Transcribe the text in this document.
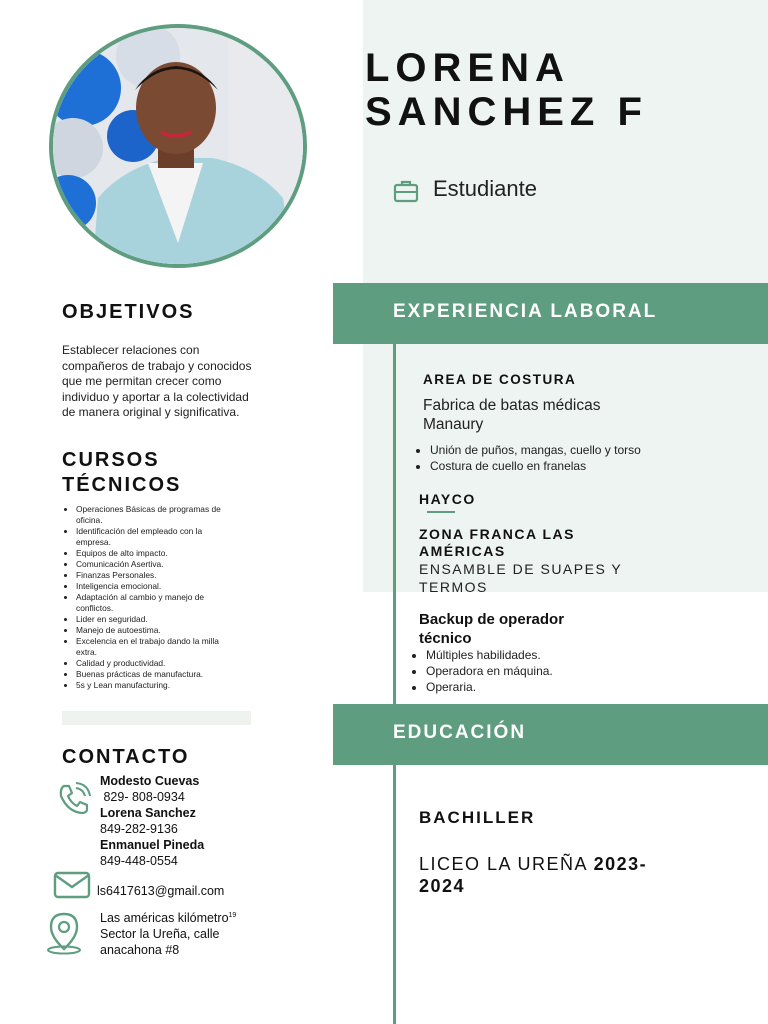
LORENA
SANCHEZ F
Estudiante
OBJETIVOS
Establecer relaciones con compañeros de trabajo y conocidos que me permitan crecer como individuo y aportar a la colectividad de manera original y significativa.
CURSOS
TÉCNICOS
• Operaciones Básicas de programas de oficina.
• Identificación del empleado con la empresa.
• Equipos de alto impacto.
• Comunicación Asertiva.
• Finanzas Personales.
• Inteligencia emocional.
• Adaptación al cambio y manejo de conflictos.
• Lider en seguridad.
• Manejo de autoestima.
• Excelencia en el trabajo dando la milla extra.
• Calidad y productividad.
• Buenas prácticas de manufactura.
• 5s y Lean manufacturing.
CONTACTO
Modesto Cuevas
829- 808-0934
Lorena Sanchez
849-282-9136
Enmanuel Pineda
849-448-0554
ls6417613@gmail.com
Las américas kilómetro$^{19}$
Sector la Ureña, calle
anacahona #8
EXPERIENCIA LABORAL
AREA DE COSTURA
Fabrica de batas médicas
Manaury
• Unión de puños, mangas, cuello y torso
• Costura de cuello en franelas
HAYCO
ZONA FRANCA LAS
AMÉRICAS
ENSAMBLE DE SUAPES Y
TERMOS
Backup de operador
técnico
• Múltiples habilidades.
• Operadora en máquina.
• Operaria.
EDUCACIÓN
BACHILLER
LICEO LA UREÑA 2023-
2024
